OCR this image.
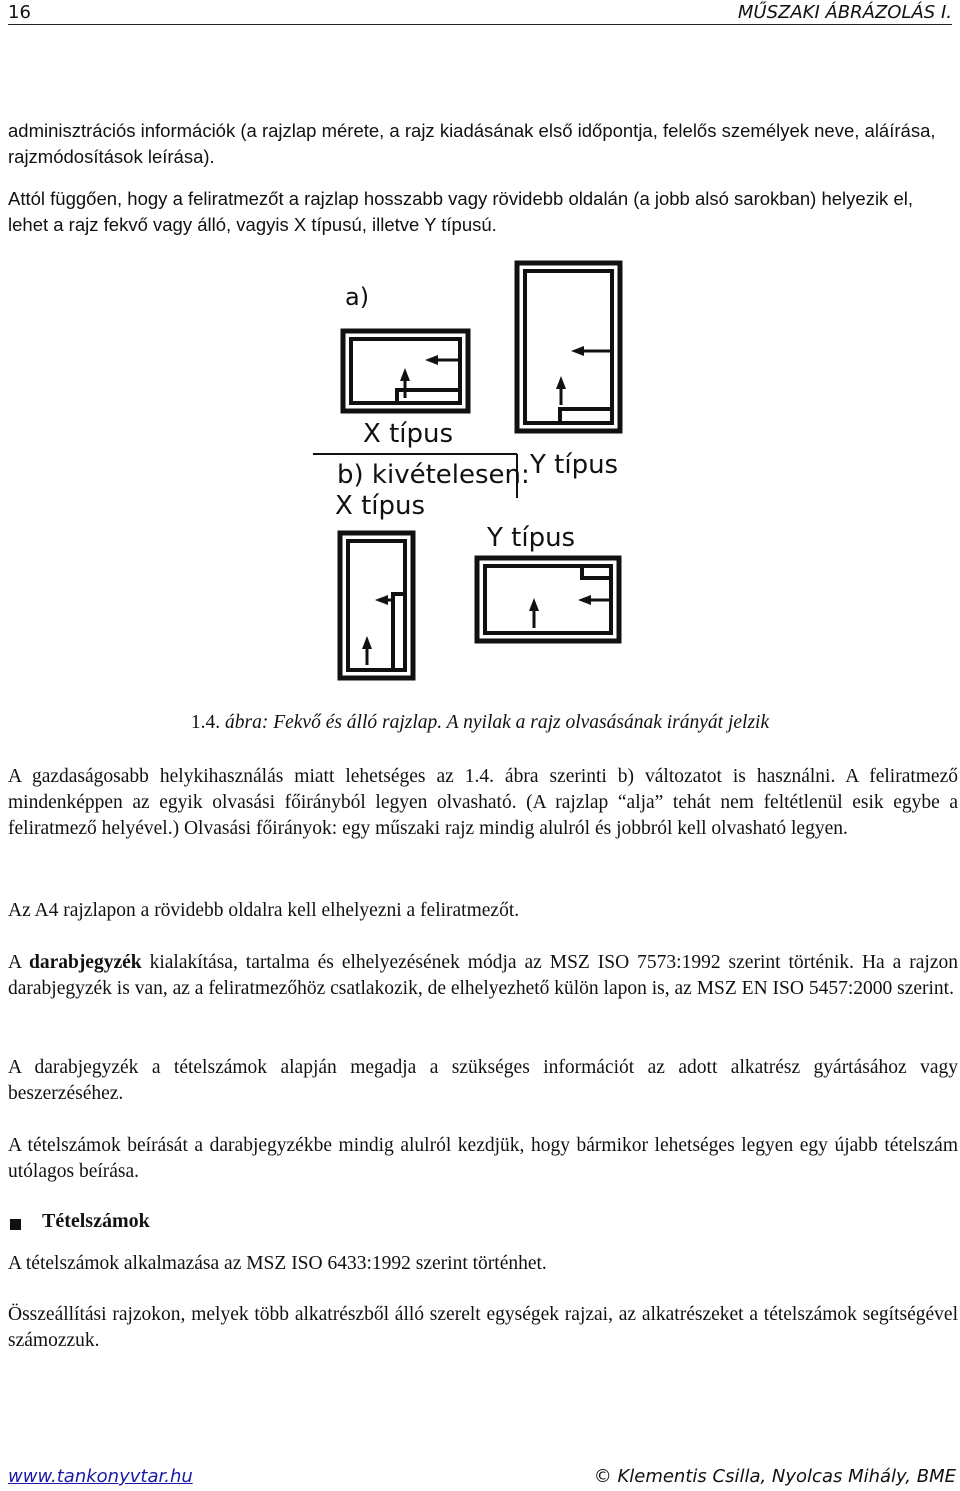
16	MŰSZAKI ÁBRÁZOLÁS I.

adminisztrációs információk (a rajzlap mérete, a rajz kiadásának első időpontja, felelős személyek neve, aláírása, rajzmódosítások leírása).

Attól függően, hogy a feliratmezőt a rajzlap hosszabb vagy rövidebb oldalán (a jobb alsó sarokban) helyezik el, lehet a rajz fekvő vagy álló, vagyis X típusú, illetve Y típusú.

a)
X típus
Y típus
b) kivételesen:
X típus
Y típus
1.4. ábra: Fekvő és álló rajzlap. A nyilak a rajz olvasásának irányát jelzik

A gazdaságosabb helykihasználás miatt lehetséges az 1.4. ábra szerinti b) változatot is használni. A feliratmező mindenképpen az egyik olvasási főirányból legyen olvasható. (A rajzlap “alja” tehát nem feltétlenül esik egybe a feliratmező helyével.) Olvasási főirányok: egy műszaki rajz mindig alulról és jobbról kell olvasható legyen.

Az A4 rajzlapon a rövidebb oldalra kell elhelyezni a feliratmezőt.

A darabjegyzék kialakítása, tartalma és elhelyezésének módja az MSZ ISO 7573:1992 szerint történik. Ha a rajzon darabjegyzék is van, az a feliratmezőhöz csatlakozik, de elhelyezhető külön lapon is, az MSZ EN ISO 5457:2000 szerint.

A darabjegyzék a tételszámok alapján megadja a szükséges információt az adott alkatrész gyártásához vagy beszerzéséhez.

A tételszámok beírását a darabjegyzékbe mindig alulról kezdjük, hogy bármikor lehetséges legyen egy újabb tételszám utólagos beírása.

Tételszámok

A tételszámok alkalmazása az MSZ ISO 6433:1992 szerint történhet.

Összeállítási rajzokon, melyek több alkatrészből álló szerelt egységek rajzai, az alkatrészeket a tételszámok segítségével számozzuk.

www.tankonyvtar.hu	© Klementis Csilla, Nyolcas Mihály, BME
